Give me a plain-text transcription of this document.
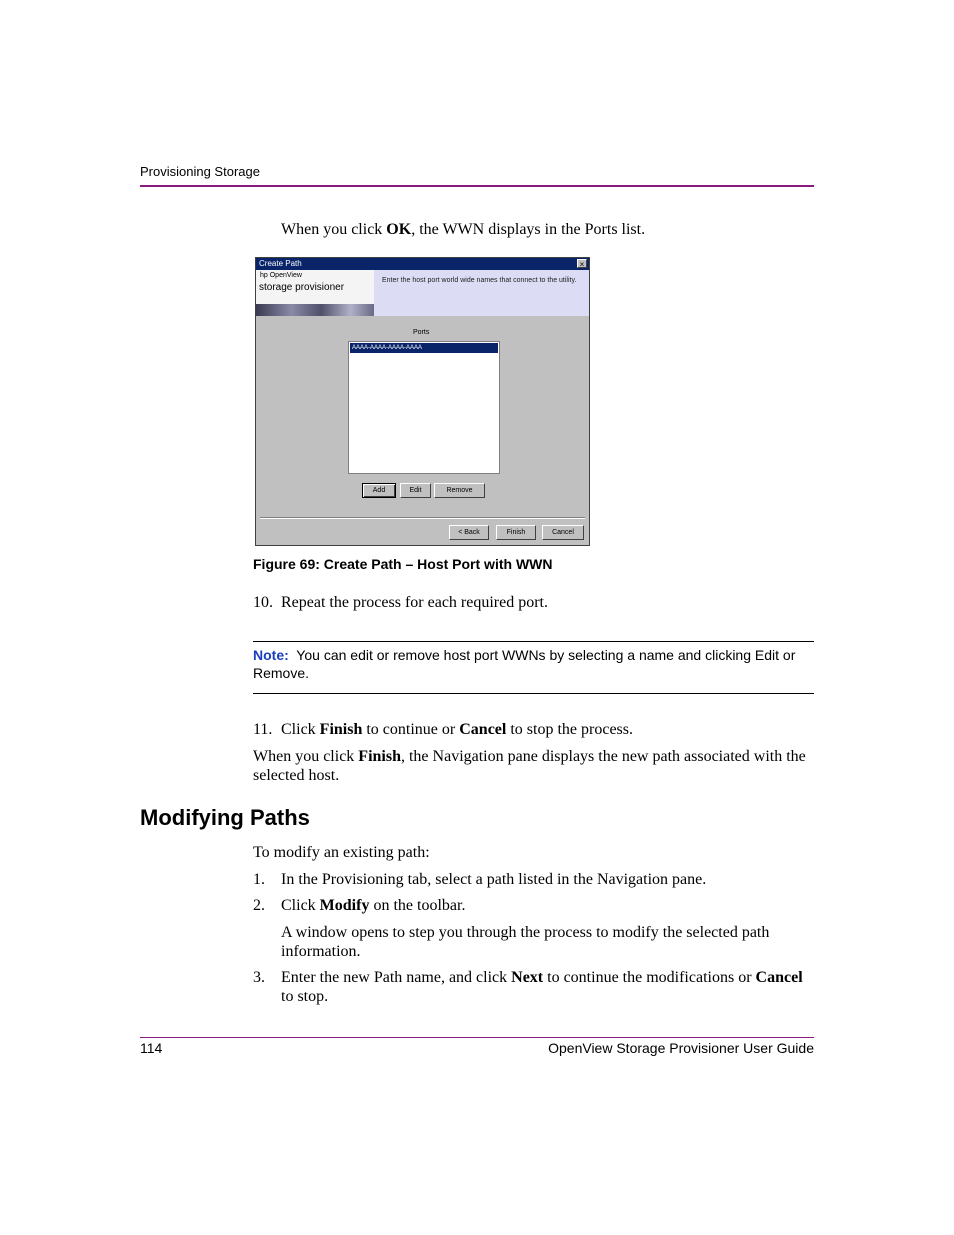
Provisioning Storage
When you click OK, the WWN displays in the Ports list.
Create Path	×
hp OpenView
storage provisioner
Enter the host port world wide names that connect to the utility.
Ports
AAAA-AAAA-AAAA-AAAA
Add	Edit	Remove
< Back	Finish	Cancel
Figure 69: Create Path – Host Port with WWN
10. Repeat the process for each required port.
Note:  You can edit or remove host port WWNs by selecting a name and clicking Edit or Remove.
11. Click Finish to continue or Cancel to stop the process.
When you click Finish, the Navigation pane displays the new path associated with the selected host.
Modifying Paths
To modify an existing path:
1. In the Provisioning tab, select a path listed in the Navigation pane.
2. Click Modify on the toolbar.
A window opens to step you through the process to modify the selected path information.
3. Enter the new Path name, and click Next to continue the modifications or Cancel to stop.
114	OpenView Storage Provisioner User Guide
